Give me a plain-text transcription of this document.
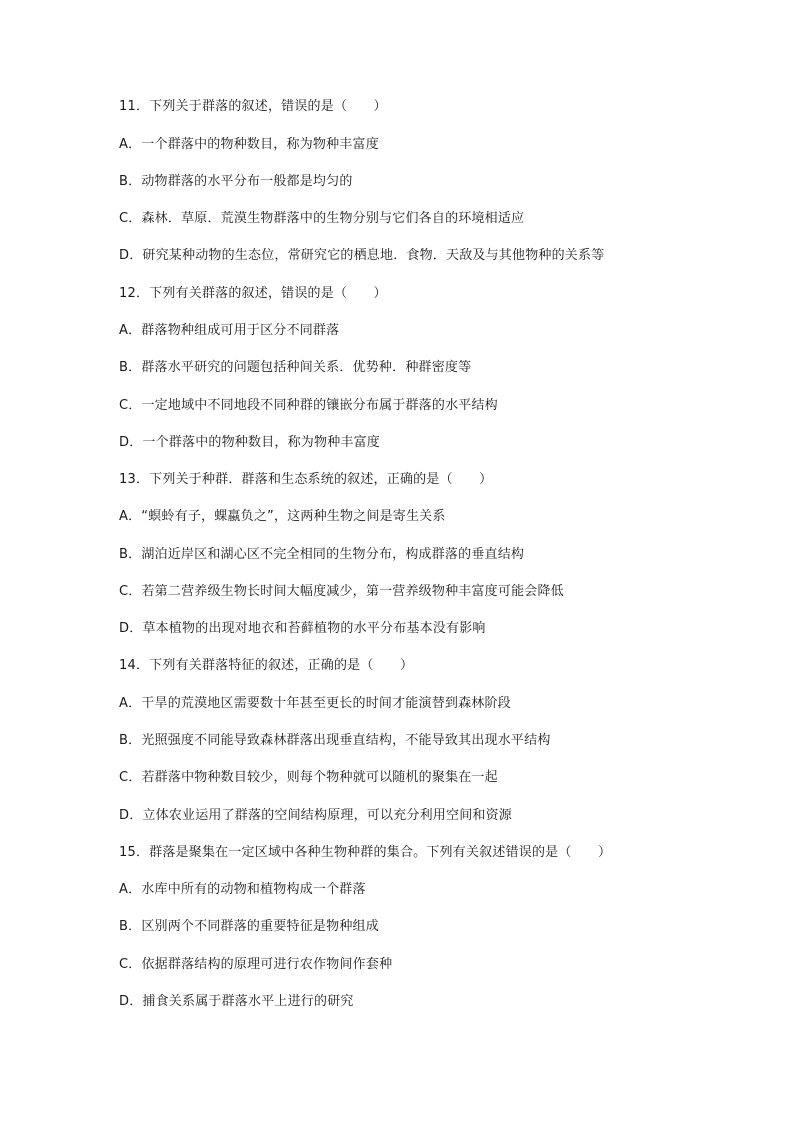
11．下列关于群落的叙述，错误的是（　　）
A．一个群落中的物种数目，称为物种丰富度
B．动物群落的水平分布一般都是均匀的
C．森林．草原．荒漠生物群落中的生物分别与它们各自的环境相适应
D．研究某种动物的生态位，常研究它的栖息地．食物．天敌及与其他物种的关系等
12．下列有关群落的叙述，错误的是（　　）
A．群落物种组成可用于区分不同群落
B．群落水平研究的问题包括种间关系．优势种．种群密度等
C．一定地域中不同地段不同种群的镶嵌分布属于群落的水平结构
D．一个群落中的物种数目，称为物种丰富度
13．下列关于种群．群落和生态系统的叙述，正确的是（　　）
A．“螟蛉有子，蜾蠃负之”，这两种生物之间是寄生关系
B．湖泊近岸区和湖心区不完全相同的生物分布，构成群落的垂直结构
C．若第二营养级生物长时间大幅度减少，第一营养级物种丰富度可能会降低
D．草本植物的出现对地衣和苔藓植物的水平分布基本没有影响
14．下列有关群落特征的叙述，正确的是（　　）
A．干旱的荒漠地区需要数十年甚至更长的时间才能演替到森林阶段
B．光照强度不同能导致森林群落出现垂直结构，不能导致其出现水平结构
C．若群落中物种数目较少，则每个物种就可以随机的聚集在一起
D．立体农业运用了群落的空间结构原理，可以充分利用空间和资源
15．群落是聚集在一定区域中各种生物种群的集合。下列有关叙述错误的是（　　）
A．水库中所有的动物和植物构成一个群落
B．区别两个不同群落的重要特征是物种组成
C．依据群落结构的原理可进行农作物间作套种
D．捕食关系属于群落水平上进行的研究
